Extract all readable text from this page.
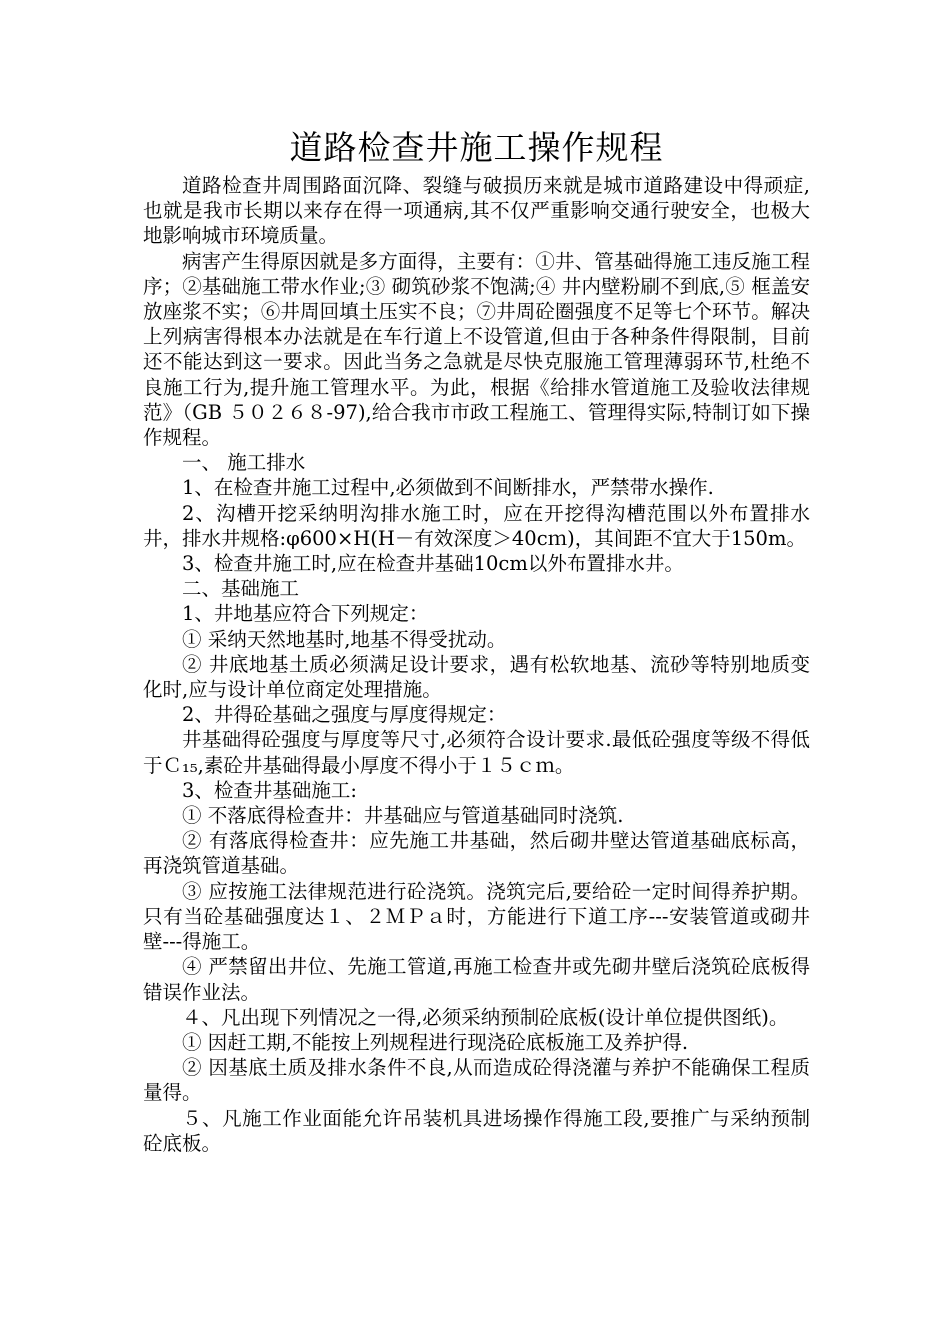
道路检查井施工操作规程

道路检查井周围路面沉降、裂缝与破损历来就是城市道路建设中得顽症,也就是我市长期以来存在得一项通病,其不仅严重影响交通行驶安全，也极大地影响城市环境质量。

病害产生得原因就是多方面得，主要有：①井、管基础得施工违反施工程序；②基础施工带水作业;③ 砌筑砂浆不饱满;④ 井内壁粉刷不到底,⑤ 框盖安放座浆不实；⑥井周回填土压实不良；⑦井周砼圈强度不足等七个环节。解决上列病害得根本办法就是在车行道上不设管道,但由于各种条件得限制，目前还不能达到这一要求。因此当务之急就是尽快克服施工管理薄弱环节,杜绝不良施工行为,提升施工管理水平。为此，根据《给排水管道施工及验收法律规范》（GB ５０２６８-97),给合我市市政工程施工、管理得实际,特制订如下操作规程。

一、 施工排水

1、在检查井施工过程中,必须做到不间断排水，严禁带水操作.

2、沟槽开挖采纳明沟排水施工时，应在开挖得沟槽范围以外布置排水井，排水井规格:φ600×H(H－有效深度＞40cｍ)，其间距不宜大于150m。

3、检查井施工时,应在检查井基础10cm以外布置排水井。

二、基础施工

1、井地基应符合下列规定：

① 采纳天然地基时,地基不得受扰动。

② 井底地基土质必须满足设计要求，遇有松软地基、流砂等特别地质变化时,应与设计单位商定处理措施。

2、井得砼基础之强度与厚度得规定：

井基础得砼强度与厚度等尺寸,必须符合设计要求.最低砼强度等级不得低于Ｃ₁₅,素砼井基础得最小厚度不得小于１５ｃｍ。

3、检查井基础施工:

① 不落底得检查井：井基础应与管道基础同时浇筑.

② 有落底得检查井：应先施工井基础，然后砌井壁达管道基础底标高，再浇筑管道基础。

③ 应按施工法律规范进行砼浇筑。浇筑完后,要给砼一定时间得养护期。只有当砼基础强度达１、２ＭＰａ时，方能进行下道工序---安装管道或砌井壁---得施工。

④ 严禁留出井位、先施工管道,再施工检查井或先砌井壁后浇筑砼底板得错误作业法。

４、凡出现下列情况之一得,必须采纳预制砼底板(设计单位提供图纸)。

① 因赶工期,不能按上列规程进行现浇砼底板施工及养护得.

② 因基底土质及排水条件不良,从而造成砼得浇灌与养护不能确保工程质量得。

５、凡施工作业面能允许吊装机具进场操作得施工段,要推广与采纳预制砼底板。
